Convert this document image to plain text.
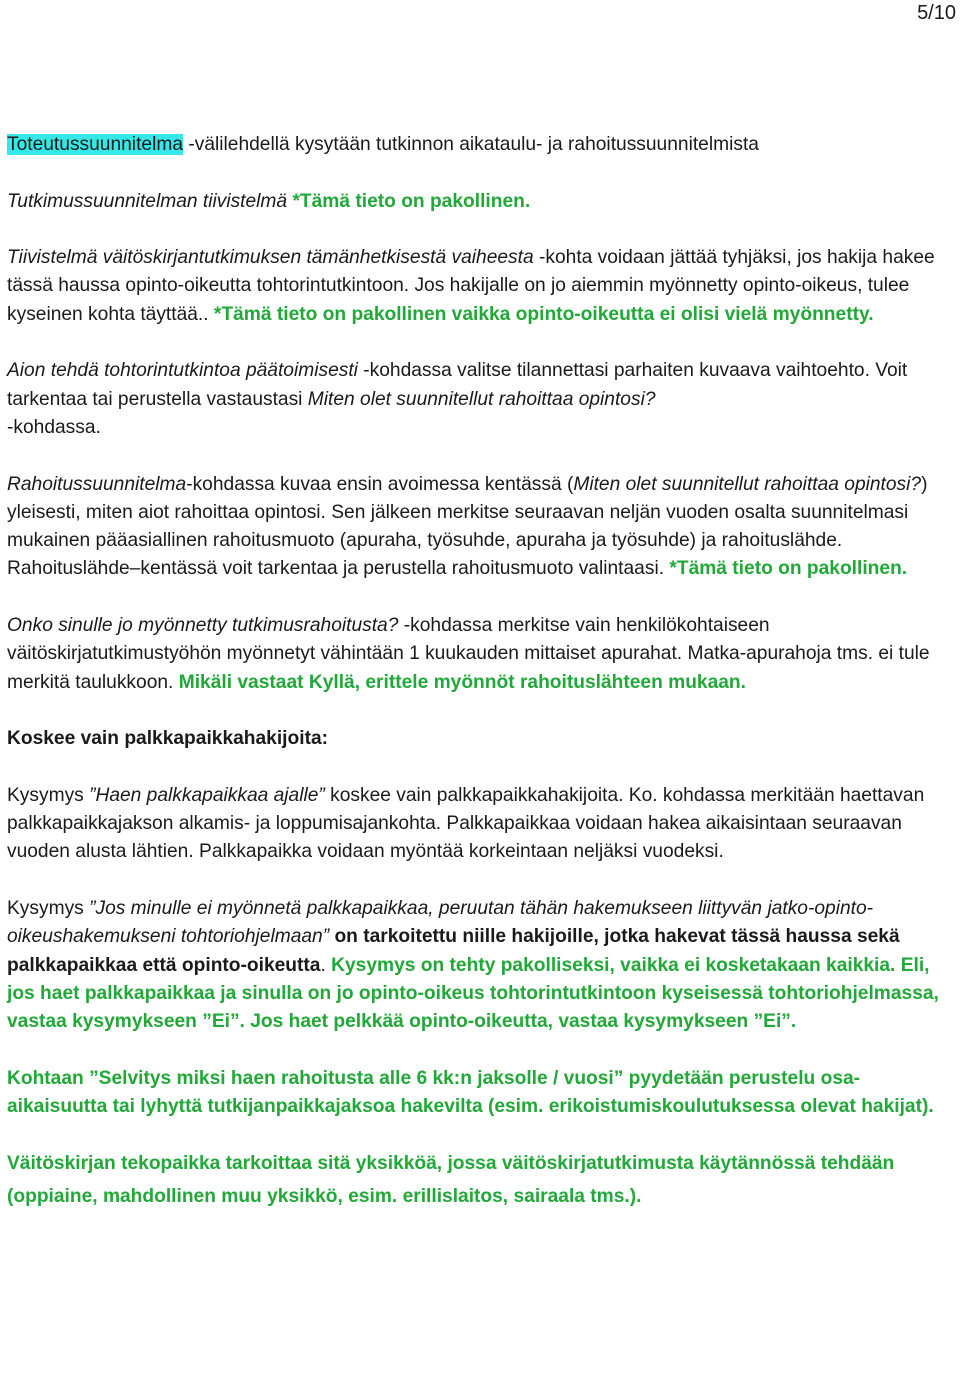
5/10

Toteutussuunnitelma -välilehdellä kysytään tutkinnon aikataulu- ja rahoitussuunnitelmista

Tutkimussuunnitelman tiivistelmä *Tämä tieto on pakollinen.

Tiivistelmä väitöskirjantutkimuksen tämänhetkisestä vaiheesta -kohta voidaan jättää tyhjäksi, jos hakija hakee tässä haussa opinto-oikeutta tohtorintutkintoon. Jos hakijalle on jo aiemmin myönnetty opinto-oikeus, tulee kyseinen kohta täyttää.. *Tämä tieto on pakollinen vaikka opinto-oikeutta ei olisi vielä myönnetty.

Aion tehdä tohtorintutkintoa päätoimisesti -kohdassa valitse tilannettasi parhaiten kuvaava vaihtoehto. Voit tarkentaa tai perustella vastaustasi Miten olet suunnitellut rahoittaa opintosi?
-kohdassa.

Rahoitussuunnitelma-kohdassa kuvaa ensin avoimessa kentässä (Miten olet suunnitellut rahoittaa opintosi?) yleisesti, miten aiot rahoittaa opintosi. Sen jälkeen merkitse seuraavan neljän vuoden osalta suunnitelmasi mukainen pääasiallinen rahoitusmuoto (apuraha, työsuhde, apuraha ja työsuhde) ja rahoituslähde. Rahoituslähde–kentässä voit tarkentaa ja perustella rahoitusmuoto valintaasi. *Tämä tieto on pakollinen.

Onko sinulle jo myönnetty tutkimusrahoitusta? -kohdassa merkitse vain henkilökohtaiseen väitöskirjatutkimustyöhön myönnetyt vähintään 1 kuukauden mittaiset apurahat. Matka-apurahoja tms. ei tule merkitä taulukkoon. Mikäli vastaat Kyllä, erittele myönnöt rahoituslähteen mukaan.

Koskee vain palkkapaikkahakijoita:

Kysymys ”Haen palkkapaikkaa ajalle” koskee vain palkkapaikkahakijoita. Ko. kohdassa merkitään haettavan palkkapaikkajakson alkamis- ja loppumisajankohta. Palkkapaikkaa voidaan hakea aikaisintaan seuraavan vuoden alusta lähtien. Palkkapaikka voidaan myöntää korkeintaan neljäksi vuodeksi.

Kysymys ”Jos minulle ei myönnetä palkkapaikkaa, peruutan tähän hakemukseen liittyvän jatko-opinto-oikeushakemukseni tohtoriohjelmaan” on tarkoitettu niille hakijoille, jotka hakevat tässä haussa sekä palkkapaikkaa että opinto-oikeutta. Kysymys on tehty pakolliseksi, vaikka ei kosketakaan kaikkia. Eli, jos haet palkkapaikkaa ja sinulla on jo opinto-oikeus tohtorintutkintoon kyseisessä tohtoriohjelmassa, vastaa kysymykseen ”Ei”. Jos haet pelkkää opinto-oikeutta, vastaa kysymykseen ”Ei”.

Kohtaan ”Selvitys miksi haen rahoitusta alle 6 kk:n jaksolle / vuosi” pyydetään perustelu osa-aikaisuutta tai lyhyttä tutkijanpaikkajaksoa hakevilta (esim. erikoistumiskoulutuksessa olevat hakijat).

Väitöskirjan tekopaikka tarkoittaa sitä yksikköä, jossa väitöskirjatutkimusta käytännössä tehdään (oppiaine, mahdollinen muu yksikkö, esim. erillislaitos, sairaala tms.).
